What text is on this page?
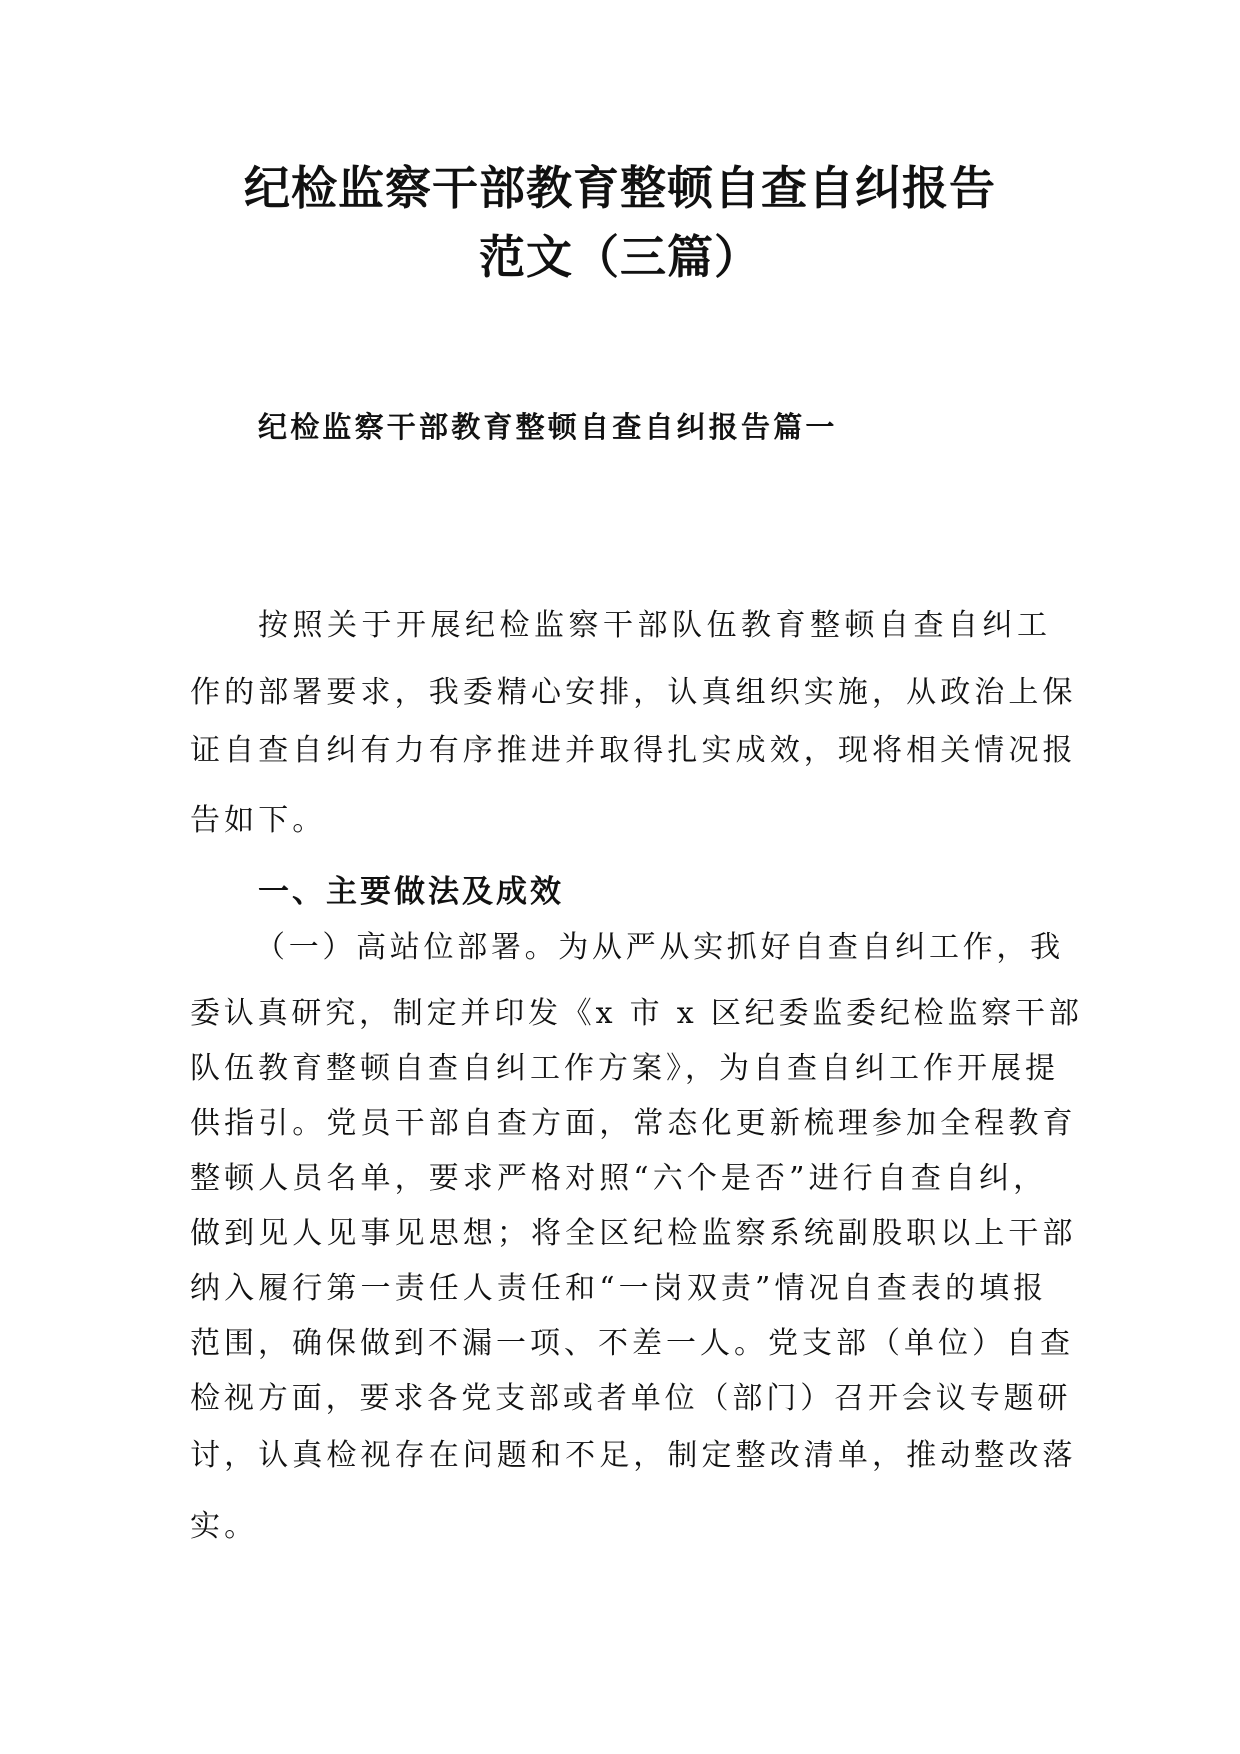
纪检监察干部教育整顿自查自纠报告
范文（三篇）
纪检监察干部教育整顿自查自纠报告篇一

按照关于开展纪检监察干部队伍教育整顿自查自纠工

作的部署要求，我委精心安排，认真组织实施，从政治上保

证自查自纠有力有序推进并取得扎实成效，现将相关情况报

告如下。

一、主要做法及成效

（一）高站位部署。为从严从实抓好自查自纠工作，我

委认真研究，制定并印发《x 市 x 区纪委监委纪检监察干部

队伍教育整顿自查自纠工作方案》，为自查自纠工作开展提

供指引。党员干部自查方面，常态化更新梳理参加全程教育

整顿人员名单，要求严格对照“六个是否”进行自查自纠，

做到见人见事见思想；将全区纪检监察系统副股职以上干部

纳入履行第一责任人责任和“一岗双责”情况自查表的填报

范围，确保做到不漏一项、不差一人。党支部（单位）自查

检视方面，要求各党支部或者单位（部门）召开会议专题研

讨，认真检视存在问题和不足，制定整改清单，推动整改落

实。
